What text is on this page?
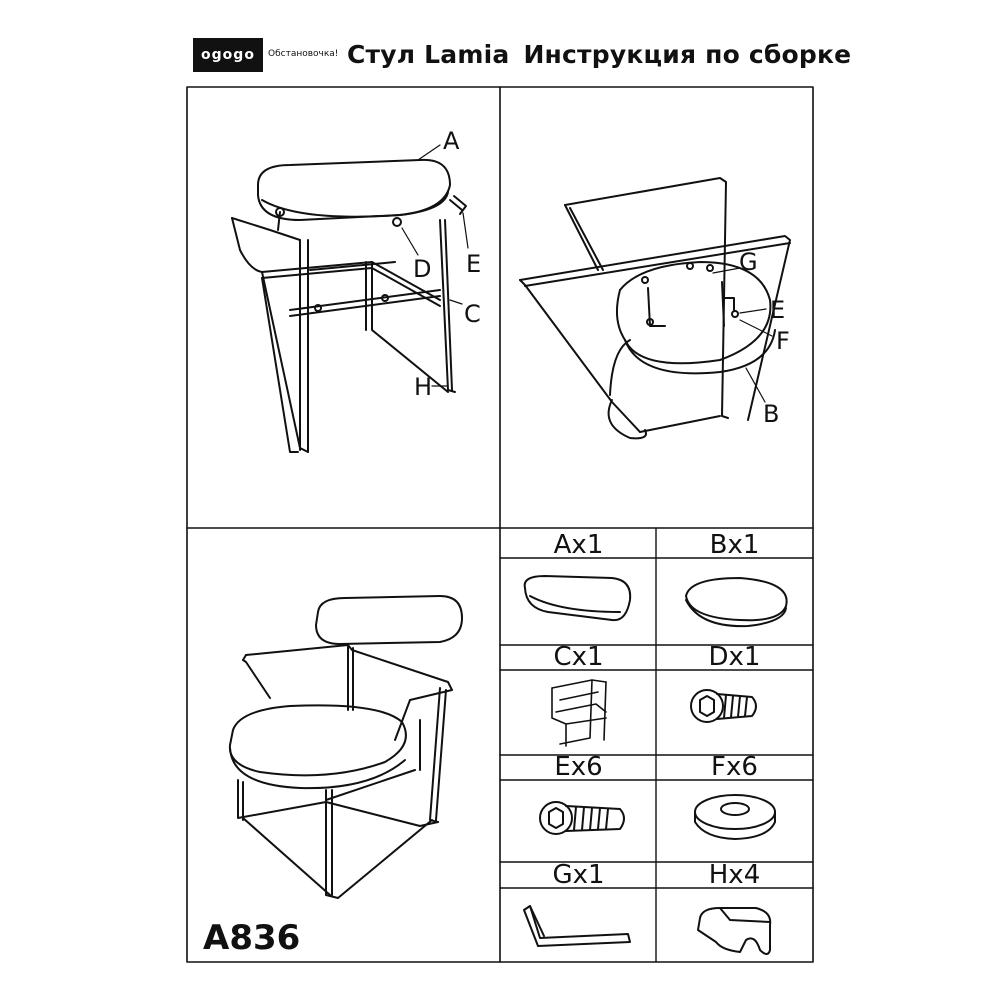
ogogo	Обстановочка! Стул Lamia Инструкция по сборке
A
C
D E
H
G
E
F
B
Ax1	Bx1
Cx1	Dx1
Ex6	Fx6
Gx1	Hx4
A836
